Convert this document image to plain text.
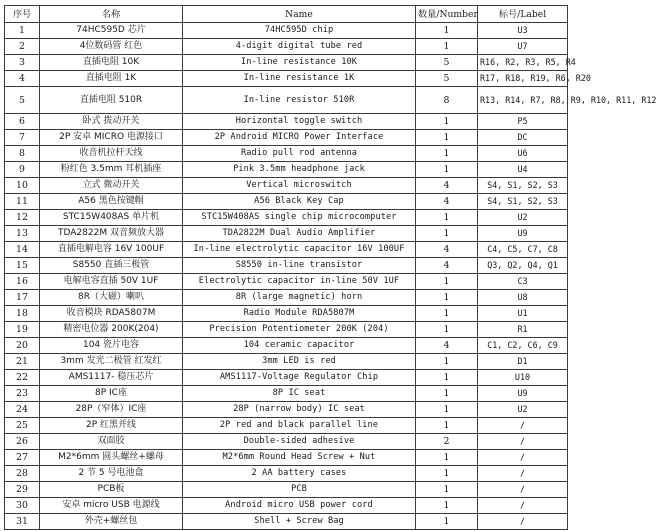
序号	名称	Name	数量/Number	标号/Label
1	74HC595D 芯片	74HC595D chip	1	U3
2	4位数码管 红色	4-digit digital tube red	1	U7
3	直插电阻 10K	In-line resistance 10K	5	R16, R2, R3, R5, R4
4	直插电阻 1K	In-line resistance 1K	5	R17, R18, R19, R6, R20
5	直插电阻 510R	In-line resistor 510R	8	R13, R14, R7, R8, R9, R10, R11, R12
6	卧式 拨动开关	Horizontal toggle switch	1	P5
7	2P 安卓 MICRO 电源接口	2P Android MICRO Power Interface	1	DC
8	收音机拉杆天线	Radio pull rod antenna	1	U6
9	粉红色 3.5mm 耳机插座	Pink 3.5mm headphone jack	1	U4
10	立式 微动开关	Vertical microswitch	4	S4, S1, S2, S3
11	A56 黑色按键帽	A56 Black Key Cap	4	S4, S1, S2, S3
12	STC15W408AS 单片机	STC15W408AS single chip microcomputer	1	U2
13	TDA2822M 双音频放大器	TDA2822M Dual Audio Amplifier	1	U9
14	直插电解电容 16V 100UF	In-line electrolytic capacitor 16V 100UF	4	C4, C5, C7, C8
15	S8550 直插三极管	S8550 in-line transistor	4	Q3, Q2, Q4, Q1
16	电解电容直插 50V 1UF	Electrolytic capacitor in-line 50V 1UF	1	C3
17	8R（大磁）喇叭	8R (large magnetic) horn	1	U8
18	收音模块 RDA5807M	Radio Module RDA5807M	1	U1
19	精密电位器 200K(204)	Precision Potentiometer 200K (204)	1	R1
20	104 瓷片电容	104 ceramic capacitor	4	C1, C2, C6, C9
21	3mm 发光二极管 红发红	3mm LED is red	1	D1
22	AMS1117- 稳压芯片	AMS1117-Voltage Regulator Chip	1	U10
23	8P IC座	8P IC seat	1	U9
24	28P（窄体）IC座	28P (narrow body) IC seat	1	U2
25	2P 红黑并线	2P red and black parallel line	1	/
26	双面胶	Double-sided adhesive	2	/
27	M2*6mm 圆头螺丝+螺母	M2*6mm Round Head Screw + Nut	1	/
28	2 节 5 号电池盒	2 AA battery cases	1	/
29	PCB板	PCB	1	/
30	安卓 micro USB 电源线	Android micro USB power cord	1	/
31	外壳+螺丝包	Shell + Screw Bag	1	/
